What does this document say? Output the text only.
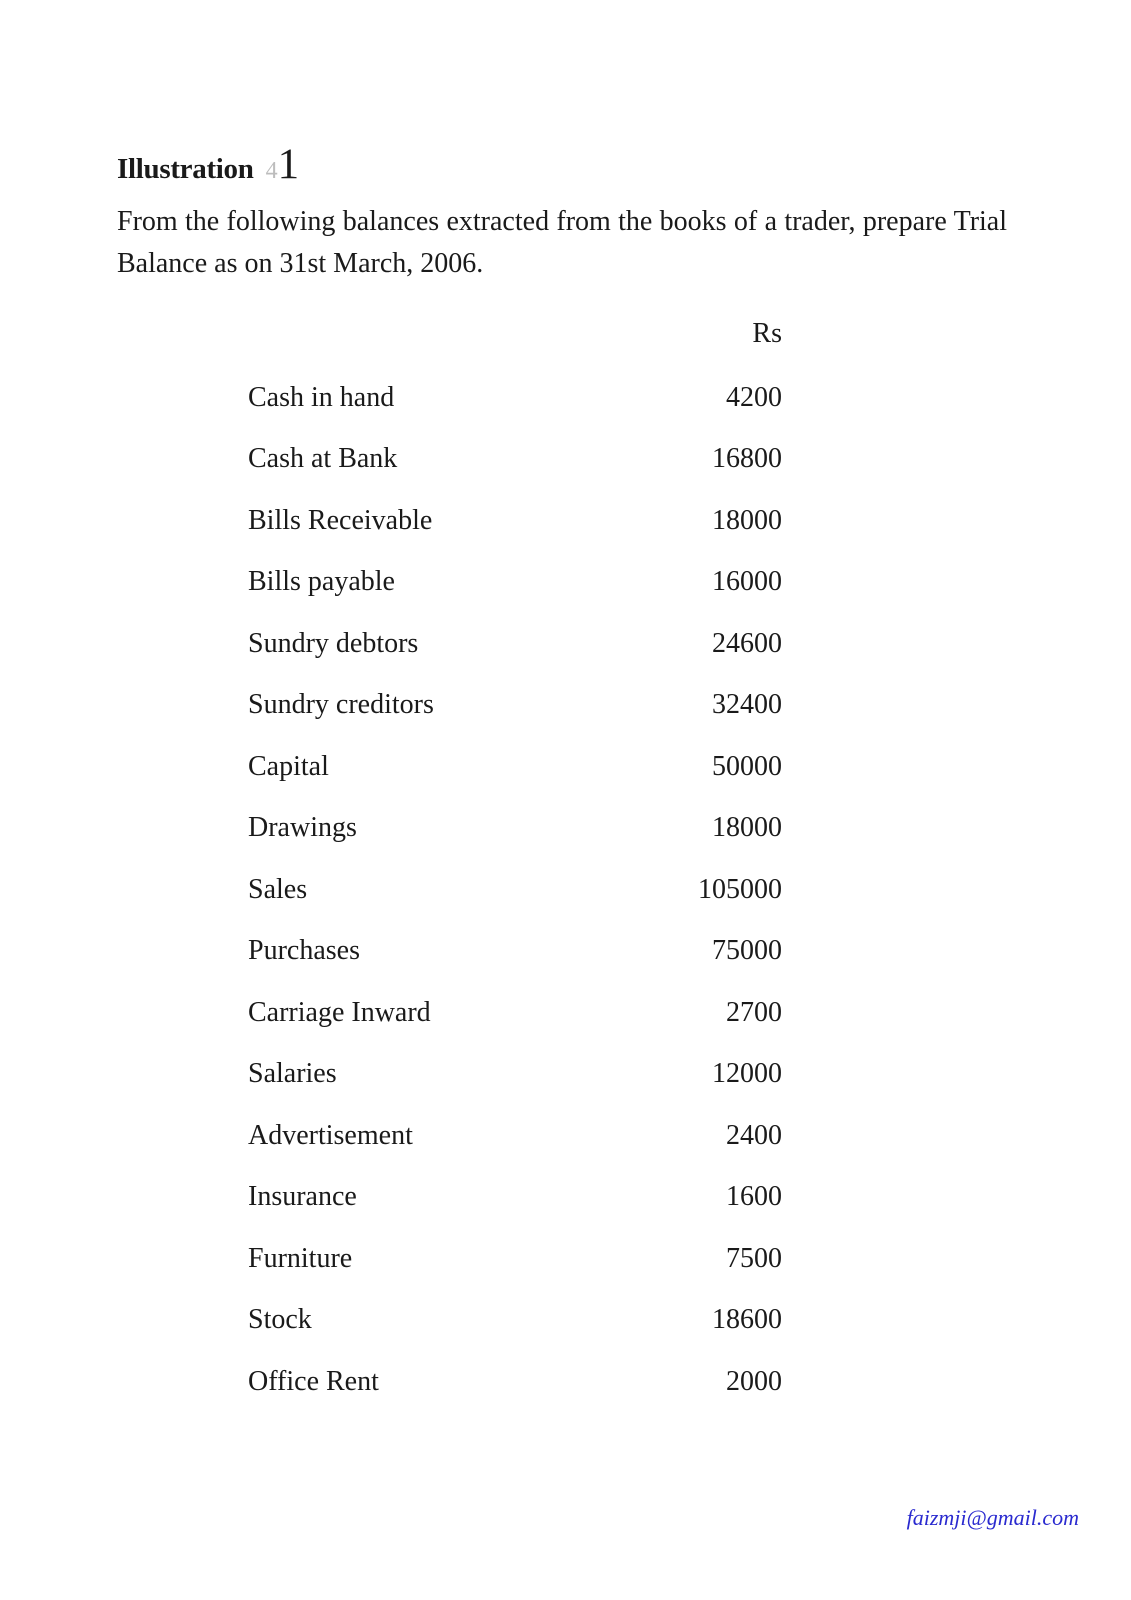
Illustration 4 1
From the following balances extracted from the books of a trader, prepare Trial Balance as on 31st March, 2006.
Rs
Cash in hand	4200
Cash at Bank	16800
Bills Receivable	18000
Bills payable	16000
Sundry debtors	24600
Sundry creditors	32400
Capital	50000
Drawings	18000
Sales	105000
Purchases	75000
Carriage Inward	2700
Salaries	12000
Advertisement	2400
Insurance	1600
Furniture	7500
Stock	18600
Office Rent	2000
faizmji@gmail.com
